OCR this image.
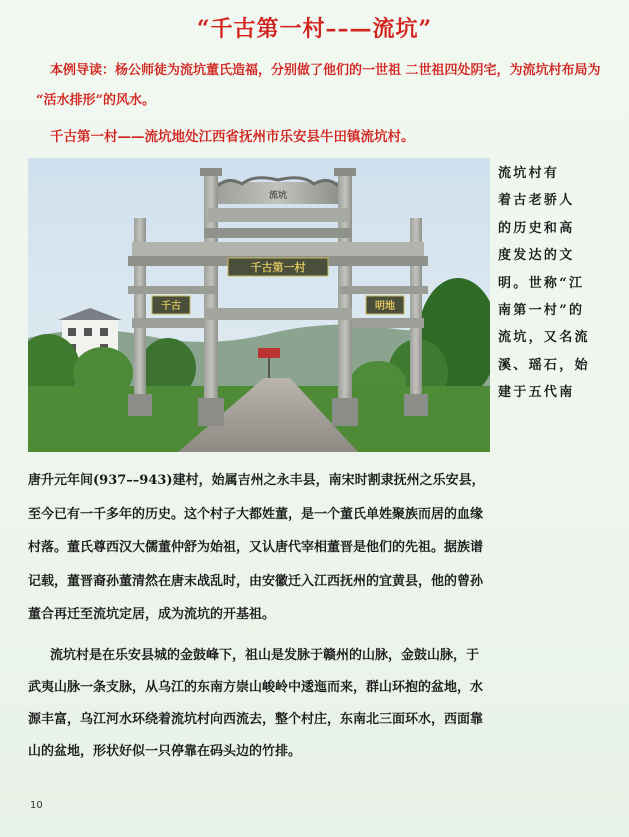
“千古第一村––—流坑”

本例导读：杨公师徒为流坑董氏造福，分别做了他们的一世祖 二世祖四处阴宅，为流坑村布局为 “活水排形”的风水。

千古第一村——流坑地处江西省抚州市乐安县牛田镇流坑村。

千古第一村
千古	明地
流坑

流坑村有
着古老骄人
的历史和高
度发达的文
明。世称“江
南第一村”的
流坑，又名流
溪、瑶石，始
建于五代南

唐升元年间(937––943)建村，始属吉州之永丰县，南宋时割隶抚州之乐安县，
至今已有一千多年的历史。这个村子大都姓董，是一个董氏单姓聚族而居的血缘
村落。董氏尊西汉大儒董仲舒为始祖，又认唐代宰相董晋是他们的先祖。据族谱
记载，董晋裔孙董清然在唐末战乱时，由安徽迁入江西抚州的宜黄县，他的曾孙
董合再迁至流坑定居，成为流坑的开基祖。

流坑村是在乐安县城的金鼓峰下，祖山是发脉于赣州的山脉，金鼓山脉，于
武夷山脉一条支脉，从乌江的东南方崇山峻岭中逶迤而来，群山环抱的盆地，水
源丰富，乌江河水环绕着流坑村向西流去，整个村庄，东南北三面环水，西面靠
山的盆地，形状好似一只停靠在码头边的竹排。

10
